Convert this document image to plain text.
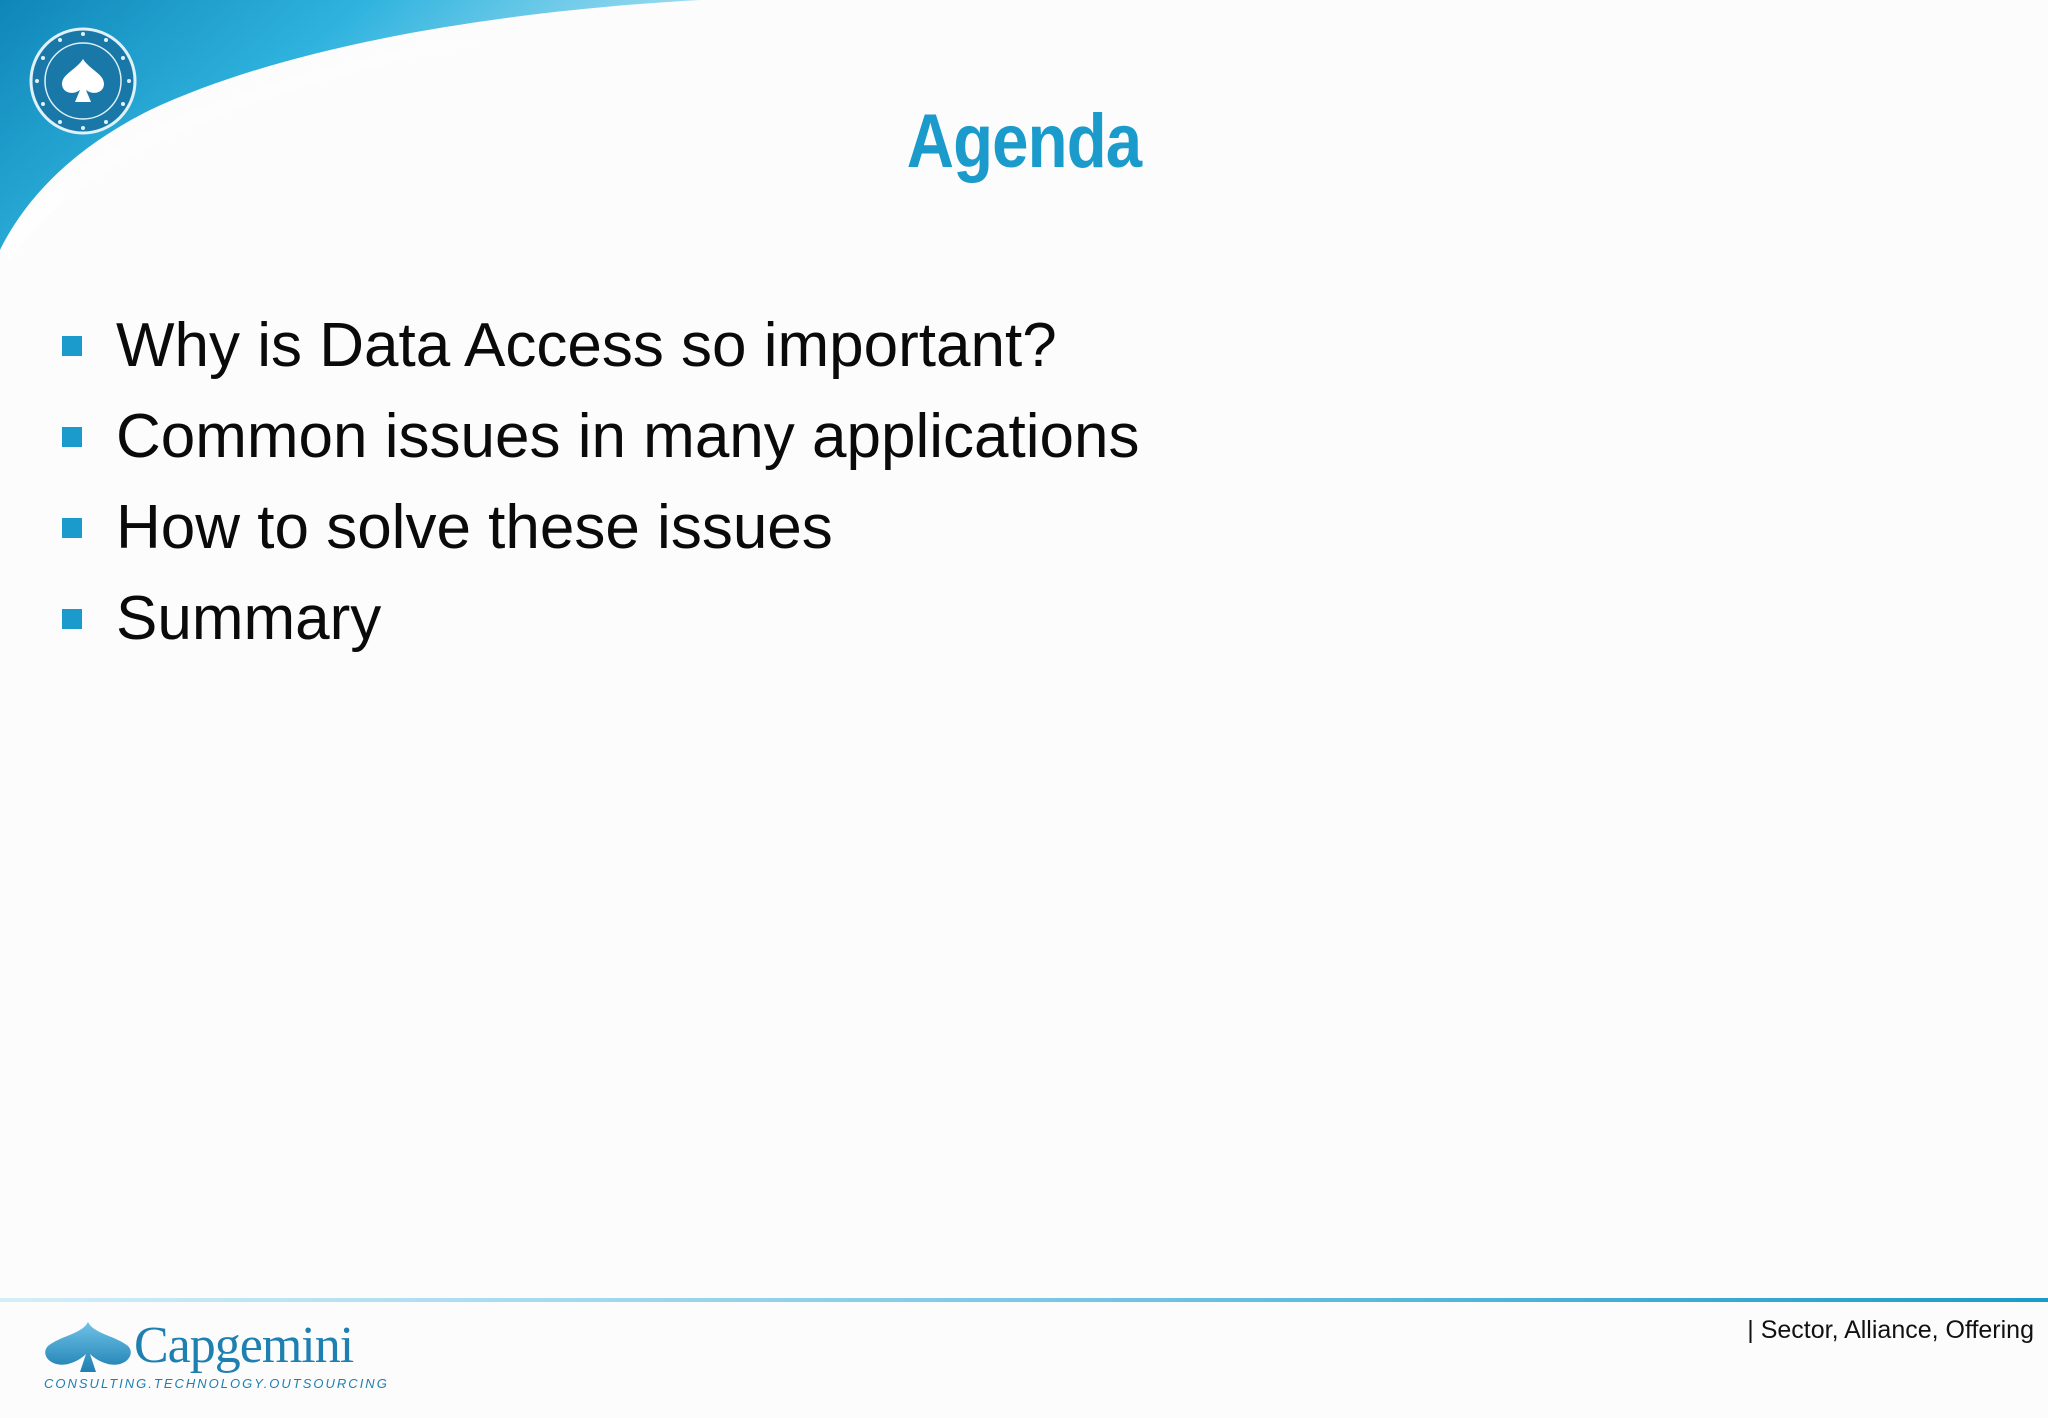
Agenda
Why is Data Access so important?
Common issues in many applications
How to solve these issues
Summary
Capgemini
CONSULTING.TECHNOLOGY.OUTSOURCING
| Sector, Alliance, Offering
